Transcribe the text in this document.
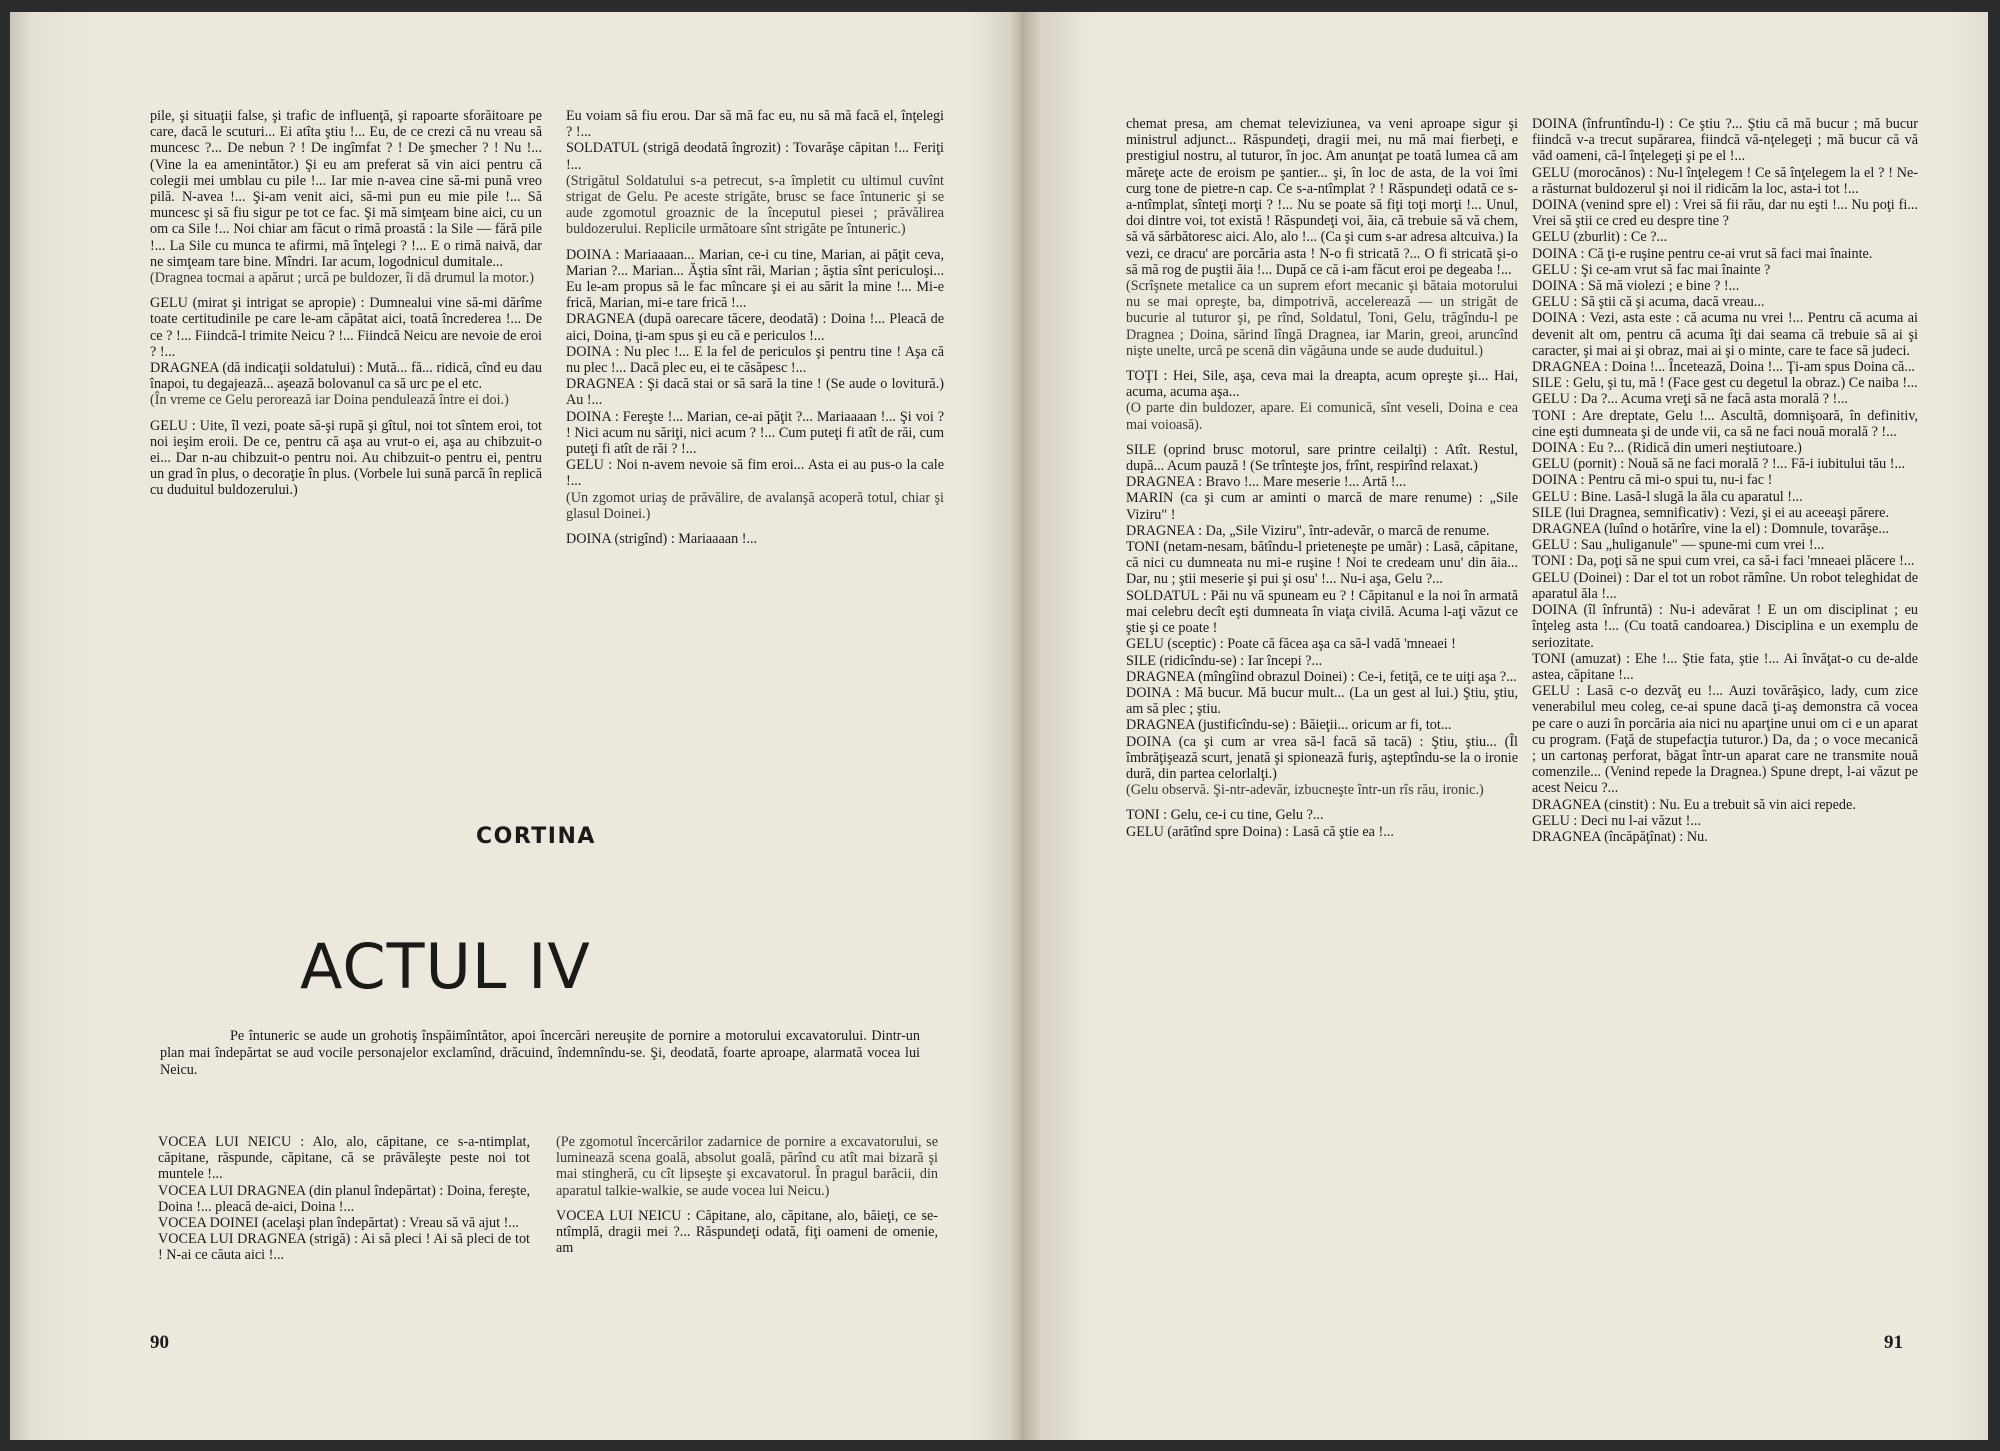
pile, şi situaţii false, şi trafic de influenţă, şi rapoarte sforăitoare pe care, dacă le scuturi... Ei atîta ştiu !... Eu, de ce crezi că nu vreau să muncesc ?... De nebun ? ! De ingîmfat ? ! De şmecher ? ! Nu !... (Vine la ea amenintător.) Şi eu am preferat să vin aici pentru că colegii mei umblau cu pile !... Iar mie n-avea cine să-mi pună vreo pilă. N-avea !... Şi-am venit aici, să-mi pun eu mie pile !... Să muncesc şi să fiu sigur pe tot ce fac. Şi mă simţeam bine aici, cu un om ca Sile !... Noi chiar am făcut o rimă proastă : la Sile — fără pile !... La Sile cu munca te afirmi, mă înţelegi ? !... E o rimă naivă, dar ne simţeam tare bine. Mîndri. Iar acum, logodnicul dumitale...

(Dragnea tocmai a apărut ; urcă pe buldozer, îi dă drumul la motor.)

GELU (mirat şi intrigat se apropie) : Dumnealui vine să-mi dărîme toate certitudinile pe care le-am căpătat aici, toată încrederea !... De ce ? !... Fiindcă-l trimite Neicu ? !... Fiindcă Neicu are nevoie de eroi ? !...

DRAGNEA (dă indicaţii soldatului) : Mută... fă... ridică, cînd eu dau înapoi, tu degajează... aşează bolovanul ca să urc pe el etc.

(În vreme ce Gelu perorează iar Doina pendulează între ei doi.)

GELU : Uite, îl vezi, poate să-şi rupă şi gîtul, noi tot sîntem eroi, tot noi ieşim eroii. De ce, pentru că aşa au vrut-o ei, aşa au chibzuit-o ei... Dar n-au chibzuit-o pentru noi. Au chibzuit-o pentru ei, pentru un grad în plus, o decoraţie în plus. (Vorbele lui sună parcă în replică cu duduitul buldozerului.)

Eu voiam să fiu erou. Dar să mă fac eu, nu să mă facă el, înţelegi ? !...

SOLDATUL (strigă deodată îngrozit) : Tovarăşe căpitan !... Feriţi !...

(Strigătul Soldatului s-a petrecut, s-a împletit cu ultimul cuvînt strigat de Gelu. Pe aceste strigăte, brusc se face întuneric şi se aude zgomotul groaznic de la începutul piesei ; prăvălirea buldozerului. Replicile următoare sînt strigăte pe întuneric.)

DOINA : Mariaaaan... Marian, ce-i cu tine, Marian, ai păţit ceva, Marian ?... Marian... Ăştia sînt răi, Marian ; ăştia sînt periculoşi... Eu le-am propus să le fac mîncare şi ei au sărit la mine !... Mi-e frică, Marian, mi-e tare frică !...

DRAGNEA (după oarecare tăcere, deodată) : Doina !... Pleacă de aici, Doina, ţi-am spus şi eu că e periculos !...

DOINA : Nu plec !... E la fel de periculos şi pentru tine ! Aşa că nu plec !... Dacă plec eu, ei te căsăpesc !...

DRAGNEA : Şi dacă stai or să sară la tine ! (Se aude o lovitură.) Au !...

DOINA : Fereşte !... Marian, ce-ai păţit ?... Mariaaaan !... Şi voi ? ! Nici acum nu săriţi, nici acum ? !... Cum puteţi fi atît de răi, cum puteţi fi atît de răi ? !...

GELU : Noi n-avem nevoie să fim eroi... Asta ei au pus-o la cale !...

(Un zgomot uriaş de prăvălire, de avalanşă acoperă totul, chiar şi glasul Doinei.)

DOINA (strigînd) : Mariaaaan !...

CORTINA
ACTUL IV
Pe întuneric se aude un grohotiş înspăimîntător, apoi încercări nereuşite de pornire a motorului excavatorului. Dintr-un plan mai îndepărtat se aud vocile personajelor exclamînd, drăcuind, îndemnîndu-se. Şi, deodată, foarte aproape, alarmată vocea lui Neicu.

VOCEA LUI NEICU : Alo, alo, căpitane, ce s-a-ntimplat, căpitane, răspunde, căpitane, că se prăvăleşte peste noi tot muntele !...

VOCEA LUI DRAGNEA (din planul îndepărtat) : Doina, fereşte, Doina !... pleacă de-aici, Doina !...

VOCEA DOINEI (acelaşi plan îndepărtat) : Vreau să vă ajut !...

VOCEA LUI DRAGNEA (strigă) : Ai să pleci ! Ai să pleci de tot ! N-ai ce căuta aici !...

(Pe zgomotul încercărilor zadarnice de pornire a excavatorului, se luminează scena goală, absolut goală, părînd cu atît mai bizară şi mai stingheră, cu cît lipseşte şi excavatorul. În pragul barăcii, din aparatul talkie-walkie, se aude vocea lui Neicu.)

VOCEA LUI NEICU : Căpitane, alo, căpitane, alo, băieţi, ce se-ntîmplă, dragii mei ?... Răspundeţi odată, fiţi oameni de omenie, am

90

chemat presa, am chemat televiziunea, va veni aproape sigur şi ministrul adjunct... Răspundeţi, dragii mei, nu mă mai fierbeţi, e prestigiul nostru, al tuturor, în joc. Am anunţat pe toată lumea că am măreţe acte de eroism pe şantier... şi, în loc de asta, de la voi îmi curg tone de pietre-n cap. Ce s-a-ntîmplat ? ! Răspundeţi odată ce s-a-ntîmplat, sînteţi morţi ? !... Nu se poate să fiţi toţi morţi !... Unul, doi dintre voi, tot există ! Răspundeţi voi, ăia, că trebuie să vă chem, să vă sărbătoresc aici. Alo, alo !... (Ca şi cum s-ar adresa altcuiva.) Ia vezi, ce dracu' are porcăria asta ! N-o fi stricată ?... O fi stricată şi-o să mă rog de puştii ăia !... După ce că i-am făcut eroi pe degeaba !...

(Scrîşnete metalice ca un suprem efort mecanic şi bătaia motorului nu se mai opreşte, ba, dimpotrivă, accelerează — un strigăt de bucurie al tuturor şi, pe rînd, Soldatul, Toni, Gelu, trăgîndu-l pe Dragnea ; Doina, sărind lîngă Dragnea, iar Marin, greoi, aruncînd nişte unelte, urcă pe scenă din văgăuna unde se aude duduitul.)

TOŢI : Hei, Sile, aşa, ceva mai la dreapta, acum opreşte şi... Hai, acuma, acuma aşa...

(O parte din buldozer, apare. Ei comunică, sînt veseli, Doina e cea mai voioasă).

SILE (oprind brusc motorul, sare printre ceilalţi) : Atît. Restul, după... Acum pauză ! (Se trînteşte jos, frînt, respirînd relaxat.)

DRAGNEA : Bravo !... Mare meserie !... Artă !...

MARIN (ca şi cum ar aminti o marcă de mare renume) : „Sile Viziru" !

DRAGNEA : Da, „Sile Viziru", într-adevăr, o marcă de renume.

TONI (netam-nesam, bătîndu-l prieteneşte pe umăr) : Lasă, căpitane, că nici cu dumneata nu mi-e ruşine ! Noi te credeam unu' din ăia... Dar, nu ; ştii meserie şi pui şi osu' !... Nu-i aşa, Gelu ?...

SOLDATUL : Păi nu vă spuneam eu ? ! Căpitanul e la noi în armată mai celebru decît eşti dumneata în viaţa civilă. Acuma l-aţi văzut ce ştie şi ce poate !

GELU (sceptic) : Poate că făcea aşa ca să-l vadă 'mneaei !

SILE (ridicîndu-se) : Iar începi ?...

DRAGNEA (mîngîind obrazul Doinei) : Ce-i, fetiţă, ce te uiţi aşa ?...

DOINA : Mă bucur. Mă bucur mult... (La un gest al lui.) Ştiu, ştiu, am să plec ; ştiu.

DRAGNEA (justificîndu-se) : Băieţii... oricum ar fi, tot...

DOINA (ca şi cum ar vrea să-l facă să tacă) : Ştiu, ştiu... (Îl îmbrăţişează scurt, jenată şi spionează furiş, aşteptîndu-se la o ironie dură, din partea celorlalţi.)

(Gelu observă. Şi-ntr-adevăr, izbucneşte într-un rîs rău, ironic.)

TONI : Gelu, ce-i cu tine, Gelu ?...

GELU (arătînd spre Doina) : Lasă că ştie ea !...

DOINA (înfruntîndu-l) : Ce ştiu ?... Ştiu că mă bucur ; mă bucur fiindcă v-a trecut supărarea, fiindcă vă-nţelegeţi ; mă bucur că vă văd oameni, că-l înţelegeţi şi pe el !...

GELU (morocănos) : Nu-l înţelegem ! Ce să înţelegem la el ? ! Ne-a răsturnat buldozerul şi noi il ridicăm la loc, asta-i tot !...

DOINA (venind spre el) : Vrei să fii rău, dar nu eşti !... Nu poţi fi... Vrei să ştii ce cred eu despre tine ?

GELU (zburlit) : Ce ?...

DOINA : Că ţi-e ruşine pentru ce-ai vrut să faci mai înainte.

GELU : Şi ce-am vrut să fac mai înainte ?

DOINA : Să mă violezi ; e bine ? !...

GELU : Să ştii că şi acuma, dacă vreau...

DOINA : Vezi, asta este : că acuma nu vrei !... Pentru că acuma ai devenit alt om, pentru că acuma îţi dai seama că trebuie să ai şi caracter, şi mai ai şi obraz, mai ai şi o minte, care te face să judeci.

DRAGNEA : Doina !... Încetează, Doina !... Ţi-am spus Doina că...

SILE : Gelu, şi tu, mă ! (Face gest cu degetul la obraz.) Ce naiba !...

GELU : Da ?... Acuma vreţi să ne facă asta morală ? !...

TONI : Are dreptate, Gelu !... Ascultă, domnişoară, în definitiv, cine eşti dumneata şi de unde vii, ca să ne faci nouă morală ? !...

DOINA : Eu ?... (Ridică din umeri neştiutoare.)

GELU (pornit) : Nouă să ne faci morală ? !... Fă-i iubitului tău !...

DOINA : Pentru că mi-o spui tu, nu-i fac !

GELU : Bine. Lasă-l slugă la ăla cu aparatul !...

SILE (lui Dragnea, semnificativ) : Vezi, şi ei au aceeaşi părere.

DRAGNEA (luînd o hotărîre, vine la el) : Domnule, tovarăşe...

GELU : Sau „huliganule" — spune-mi cum vrei !...

TONI : Da, poţi să ne spui cum vrei, ca să-i faci 'mneaei plăcere !...

GELU (Doinei) : Dar el tot un robot rămîne. Un robot teleghidat de aparatul ăla !...

DOINA (îl înfruntă) : Nu-i adevărat ! E un om disciplinat ; eu înţeleg asta !... (Cu toată candoarea.) Disciplina e un exemplu de seriozitate.

TONI (amuzat) : Ehe !... Ştie fata, ştie !... Ai învăţat-o cu de-alde astea, căpitane !...

GELU : Lasă c-o dezvăţ eu !... Auzi tovărăşico, lady, cum zice venerabilul meu coleg, ce-ai spune dacă ţi-aş demonstra că vocea pe care o auzi în porcăria aia nici nu aparţine unui om ci e un aparat cu program. (Faţă de stupefacţia tuturor.) Da, da ; o voce mecanică ; un cartonaş perforat, băgat într-un aparat care ne transmite nouă comenzile... (Venind repede la Dragnea.) Spune drept, l-ai văzut pe acest Neicu ?...

DRAGNEA (cinstit) : Nu. Eu a trebuit să vin aici repede.

GELU : Deci nu l-ai văzut !...

DRAGNEA (încăpăţînat) : Nu.

91
